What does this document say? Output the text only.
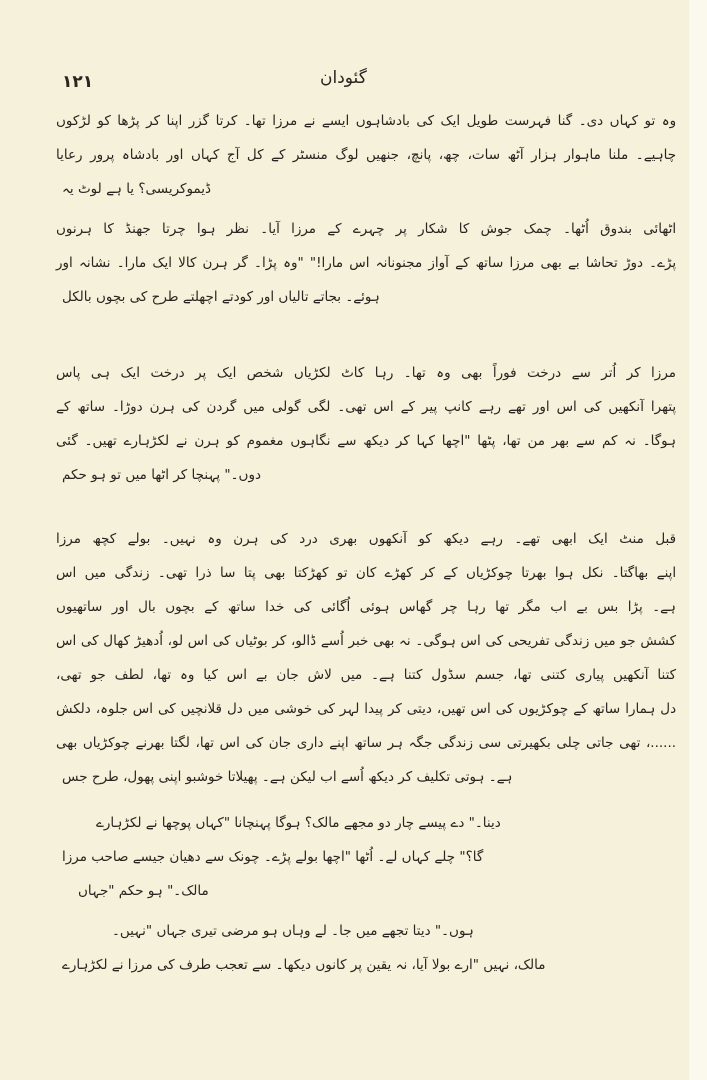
١٢١	گئودان
لڑکوں کو پڑھا کر اپنا گزر کرتا تھا۔ مرزا نے ایسے بادشاہوں کی ایک طویل فہرست گنا دی۔ کہاں تو وہ
رعایا پرور بادشاہ اور کہاں آج کل کے منسٹر لوگ جنھیں پانچ، چھ، سات، آٹھ ہزار ماہوار ملنا چاہیے۔
یہ لوٹ ہے یا ڈیموکریسی؟
ہرنوں کا جھنڈ چرتا ہوا نظر آیا۔ مرزا کے چہرے پر شکار کا جوش چمک اُٹھا۔ بندوق اٹھائی
اور نشانہ مارا۔ ایک کالا ہرن گر پڑا۔ "وہ مارا!" اس مجنونانہ آواز کے ساتھ مرزا بھی بے تحاشا دوڑ پڑے۔
بالکل بچوں کی طرح اچھلتے کودتے اور تالیاں بجاتے ہوئے۔
پاس ہی ایک درخت پر ایک شخص لکڑیاں کاٹ رہا تھا۔ وہ بھی فوراً درخت سے اُتر کر مرزا
کے ساتھ دوڑا۔ ہرن کی گردن میں گولی لگی تھی۔ اس کے پیر کانپ رہے تھے اور اس کی آنکھیں پتھرا
گئی تھیں۔ لکڑہارے نے ہرن کو مغموم نگاہوں سے دیکھ کر کہا "اچھا پٹھا تھا، من بھر سے کم نہ ہوگا۔
حکم ہو تو میں اٹھا کر پہنچا دوں۔"
مرزا کچھ بولے نہیں۔ وہ ہرن کی درد بھری آنکھوں کو دیکھ رہے تھے۔ ابھی ایک منٹ قبل
اس میں زندگی تھی۔ ذرا سا پتا بھی کھڑکتا تو کان کھڑے کر کے چوکڑیاں بھرتا ہوا نکل بھاگتا۔ اپنے
ساتھیوں اور بال بچوں کے ساتھ خدا کی اُگائی ہوئی گھاس چر رہا تھا مگر اب بے بس پڑا ہے۔
اس کی کھال اُدھیڑ لو، اس کی بوٹیاں کر ڈالو، اُسے خبر بھی نہ ہوگی۔ اس کی تفریحی زندگی میں جو کشش
تھی، جو لطف تھا، وہ کیا اس بے جان لاش میں ہے۔ کتنا سڈول جسم تھا، کتنی پیاری آنکھیں کتنا
دلکش جلوہ، اس کی قلانچیں دل میں خوشی کی لہر پیدا کر دیتی تھیں، اس کی چوکڑیوں کے ساتھ ہمارا دل
بھی چوکڑیاں بھرنے لگتا تھا، اس کی جان داری اپنے ساتھ ہر جگہ زندگی سی بکھیرتی چلی جاتی تھی ......،
جس طرح پھول، اپنی خوشبو پھیلاتا ہے۔ لیکن اب اُسے دیکھ کر تکلیف ہوتی ہے۔
لکڑہارے نے پوچھا "کہاں پہنچانا ہوگا مالک؟ مجھے دو چار پیسے دے دینا۔"
مرزا صاحب جیسے دھیان سے چونک پڑے۔ بولے "اچھا اُٹھا لے۔ کہاں چلے گا؟"
"جہاں حکم ہو مالک۔"
"نہیں۔ جہاں تیری مرضی ہو وہاں لے جا۔ میں تجھے دیتا ہوں۔"
لکڑہارے نے مرزا کی طرف تعجب سے دیکھا۔ کانوں پر یقین نہ آیا، بولا "ارے نہیں مالک،
